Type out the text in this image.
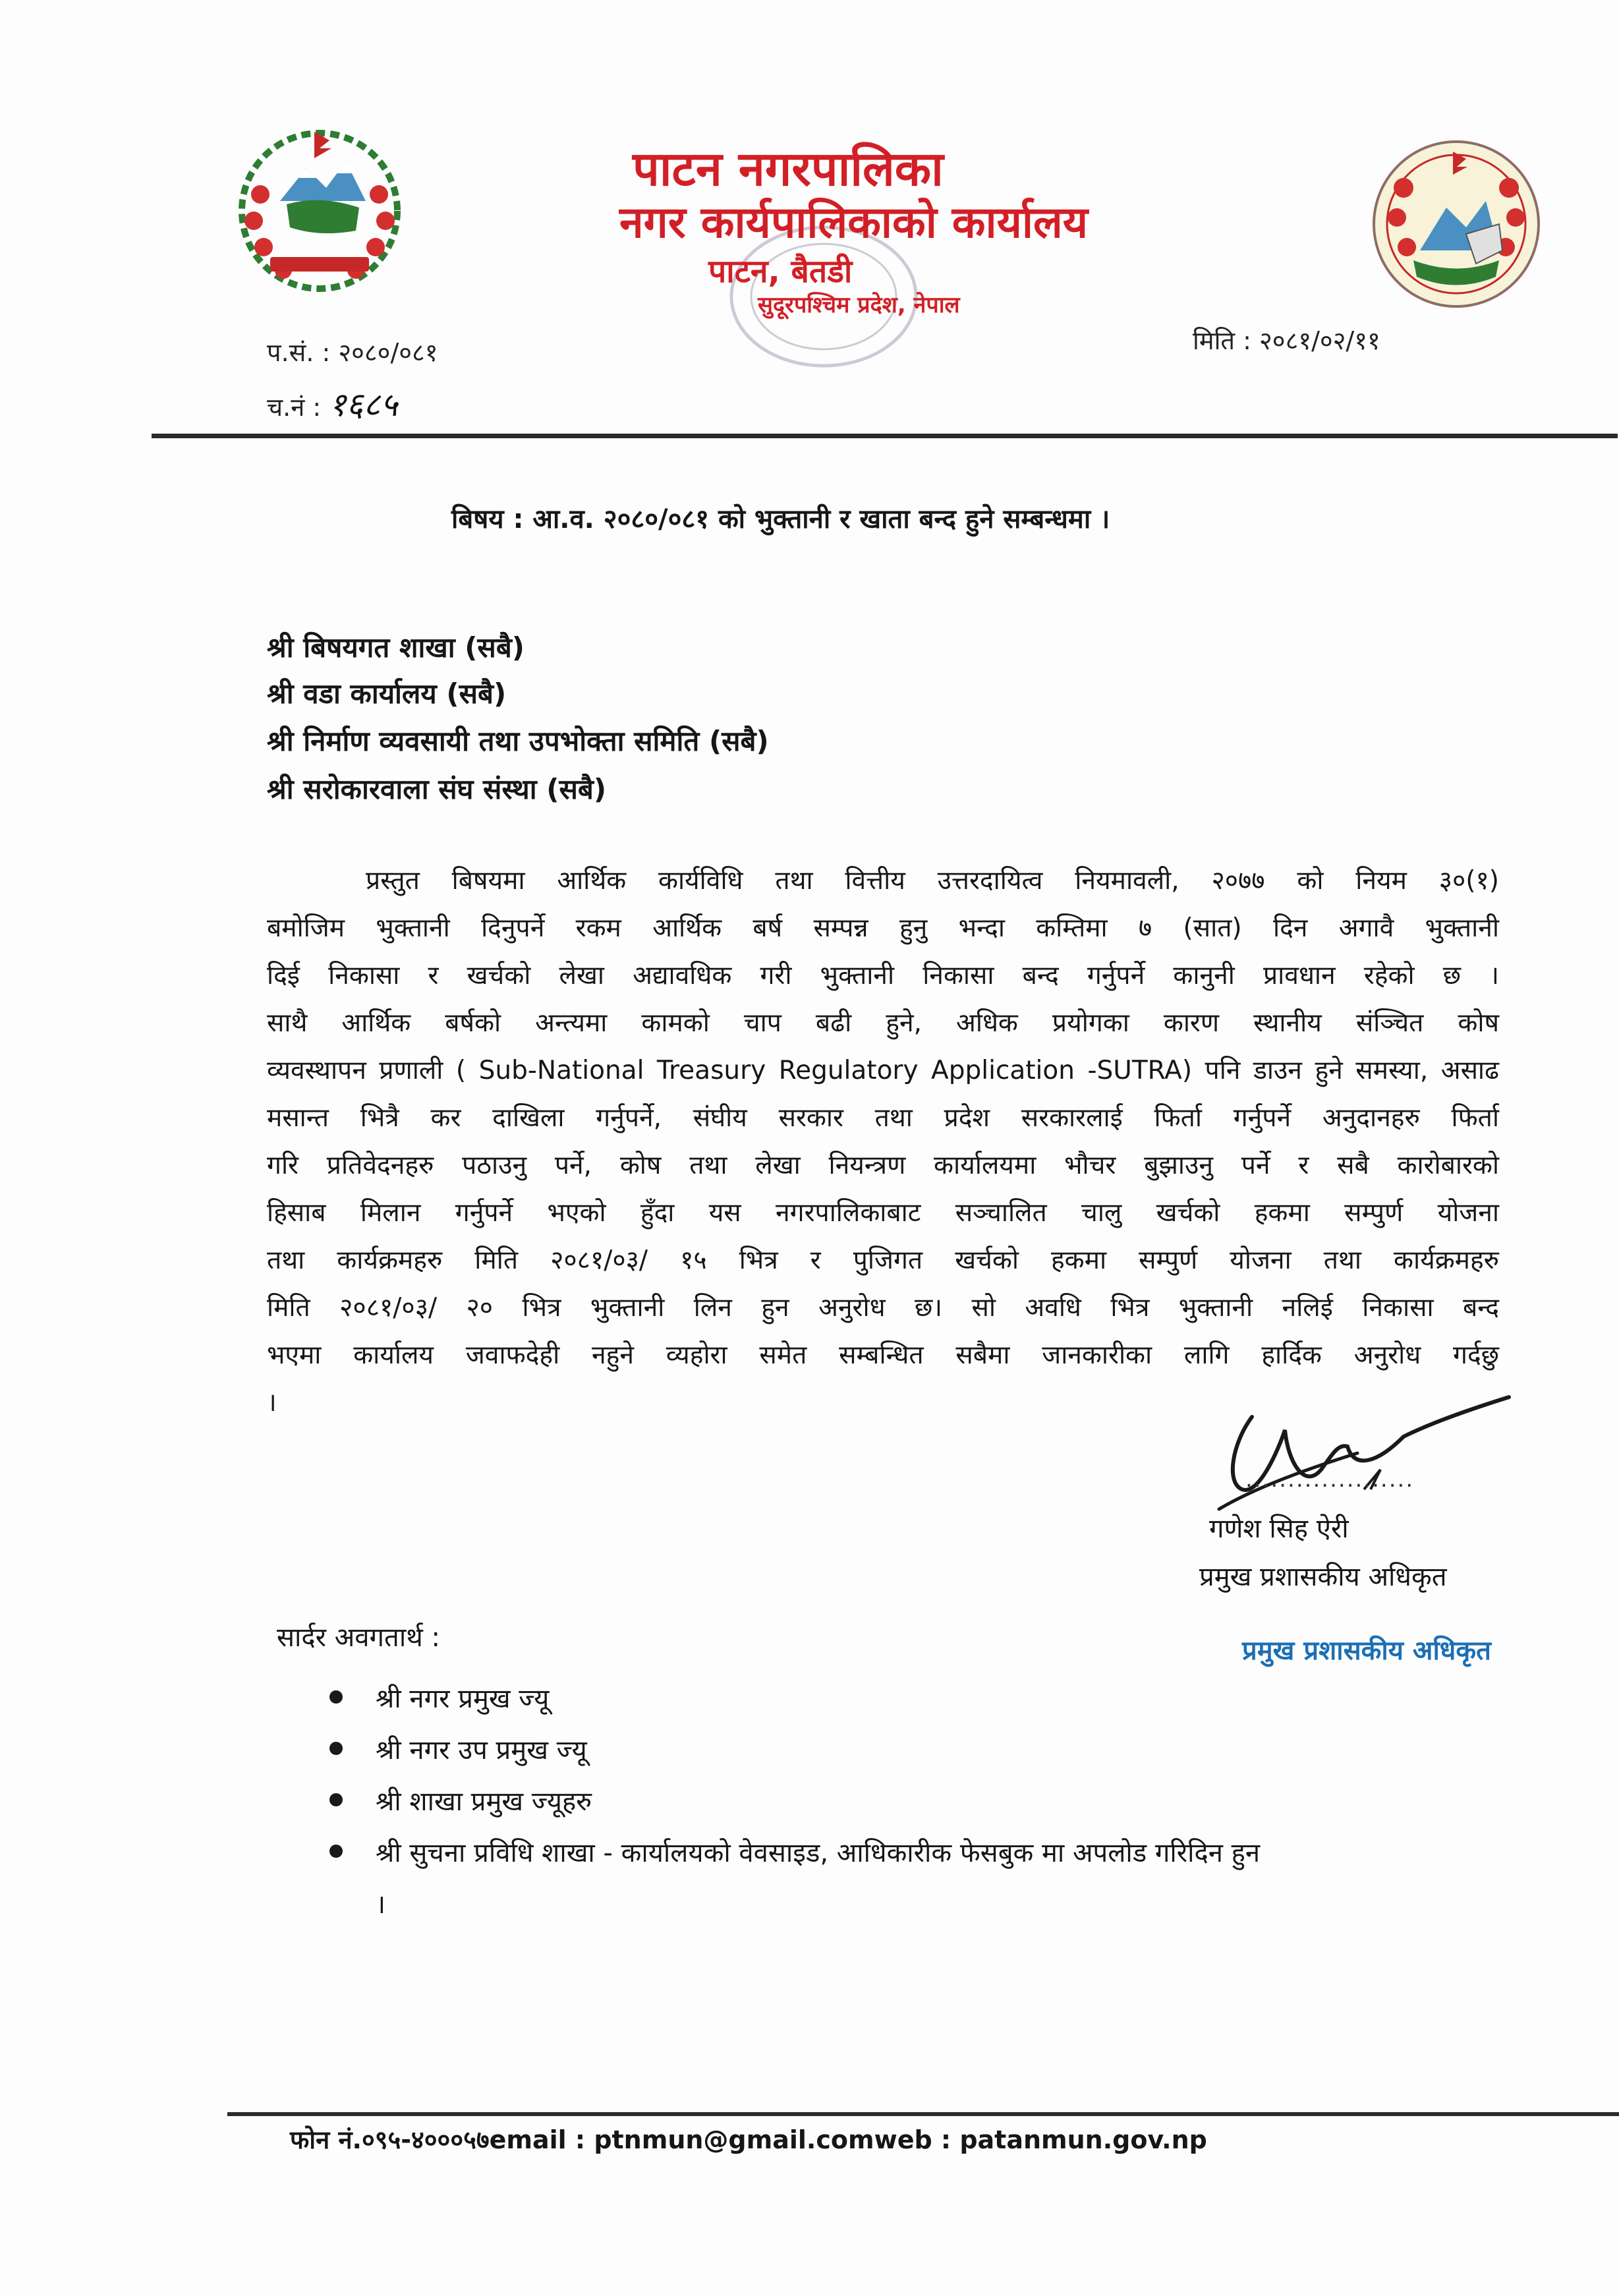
पाटन नगरपालिका
नगर कार्यपालिकाको कार्यालय
पाटन, बैतडी
सुदूरपश्चिम प्रदेश, नेपाल
प.सं. : २०८०/०८१
च.नं : १६८५
मिति : २०८१/०२/११
बिषय : आ.व. २०८०/०८१ को भुक्तानी र खाता बन्द हुने सम्बन्धमा ।
श्री बिषयगत शाखा (सबै)
श्री वडा कार्यालय (सबै)
श्री निर्माण व्यवसायी तथा उपभोक्ता समिति (सबै)
श्री सरोकारवाला संघ संस्था (सबै)
प्रस्तुत बिषयमा आर्थिक कार्यविधि तथा वित्तीय उत्तरदायित्व नियमावली, २०७७ को नियम ३०(१)
बमोजिम भुक्तानी दिनुपर्ने रकम आर्थिक बर्ष सम्पन्न हुनु भन्दा कम्तिमा ७ (सात) दिन अगावै भुक्तानी
दिई निकासा र खर्चको लेखा अद्यावधिक गरी भुक्तानी निकासा बन्द गर्नुपर्ने कानुनी प्रावधान रहेको छ ।
साथै आर्थिक बर्षको अन्त्यमा कामको चाप बढी हुने, अधिक प्रयोगका कारण स्थानीय संञ्चित कोष
व्यवस्थापन प्रणाली ( Sub-National Treasury Regulatory Application -SUTRA) पनि डाउन हुने समस्या, असाढ
मसान्त भित्रै कर दाखिला गर्नुपर्ने, संघीय सरकार तथा प्रदेश सरकारलाई फिर्ता गर्नुपर्ने अनुदानहरु फिर्ता
गरि प्रतिवेदनहरु पठाउनु पर्ने, कोष तथा लेखा नियन्त्रण कार्यालयमा भौचर बुझाउनु पर्ने र सबै कारोबारको
हिसाब मिलान गर्नुपर्ने भएको हुँदा यस नगरपालिकाबाट सञ्चालित चालु खर्चको हकमा सम्पुर्ण योजना
तथा कार्यक्रमहरु मिति २०८१/०३/ १५ भित्र र पुजिगत खर्चको हकमा सम्पुर्ण योजना तथा कार्यक्रमहरु
मिति २०८१/०३/ २० भित्र भुक्तानी लिन हुन अनुरोध छ। सो अवधि भित्र भुक्तानी नलिई निकासा बन्द
भएमा कार्यालय जवाफदेही नहुने व्यहोरा समेत सम्बन्धित सबैमा जानकारीका लागि हार्दिक अनुरोध गर्दछु
।
....................
गणेश सिह ऐरी
प्रमुख प्रशासकीय अधिकृत
प्रमुख प्रशासकीय अधिकृत
सार्दर अवगतार्थ :
श्री नगर प्रमुख ज्यू
श्री नगर उप प्रमुख ज्यू
श्री शाखा प्रमुख ज्यूहरु
श्री सुचना प्रविधि शाखा - कार्यालयको वेवसाइड, आधिकारीक फेसबुक मा अपलोड गरिदिन हुन
।
फोन नं.०९५-४०००५७email : ptnmun@gmail.comweb : patanmun.gov.np
